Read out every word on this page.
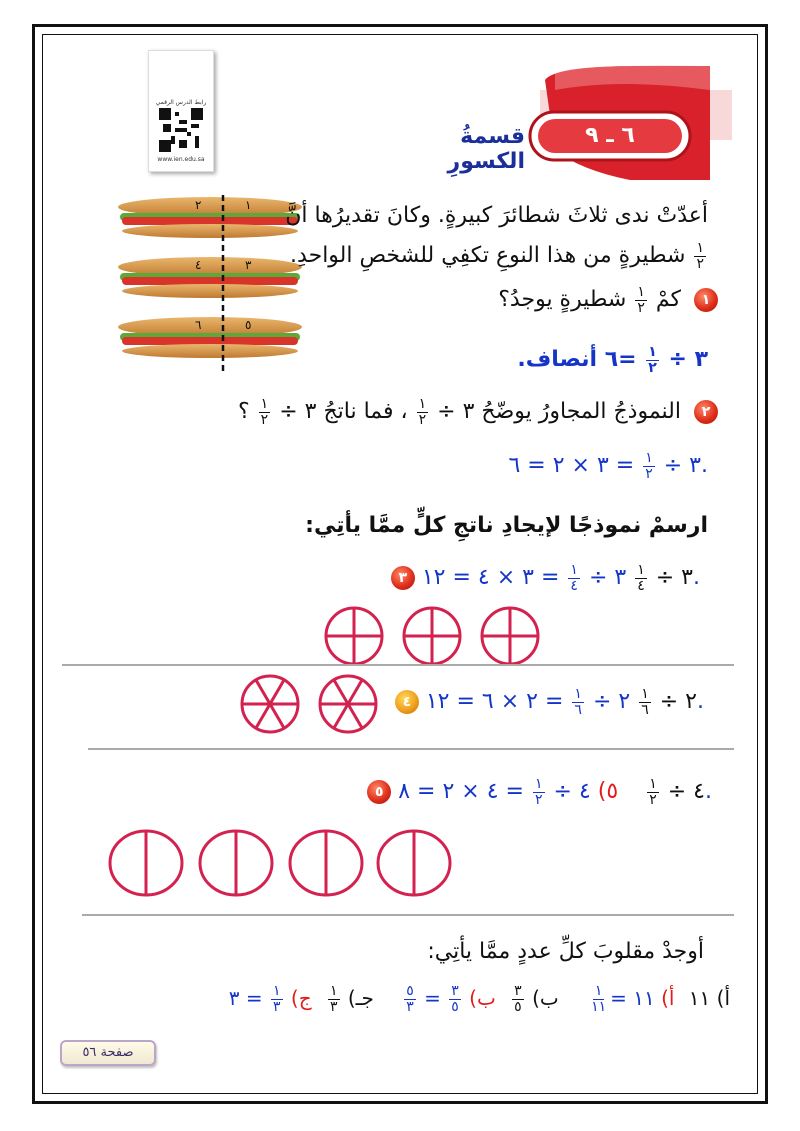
رابط الدرس الرقمي
www.ien.edu.sa
٦ ـ ٩
قسمةُ الكسورِ
٢	١
٤	٣
٦	٥
أعدّتْ ندى ثلاثَ شطائرَ كبيرةٍ. وكانَ تقديرُها أنَّ
$\frac{١}{٢}$
شطيرةٍ من هذا النوعِ تكفِي للشخصِ الواحدِ.
١ كمْ
$\frac{١}{٢}$
شطيرةٍ يوجدُ؟
٣ ÷
$\frac{١}{٢}$
=٦ أنصاف.
٢ النموذجُ المجاورُ يوضّحُ ٣ ÷
$\frac{١}{٢}$
، فما ناتجُ ٣ ÷
$\frac{١}{٢}$
؟
٣ ÷
$\frac{١}{٢}$
= ٣ × ٢ = ٦.
ارسمْ نموذجًا لإيجادِ ناتجِ كلٍّ ممَّا يأتِي:
٣	٣ ÷
$\frac{١}{٤}$
٣ ÷
$\frac{١}{٤}$
= ٣ × ٤ = ١٢.
٤	٢ ÷
$\frac{١}{٦}$
٢ ÷
$\frac{١}{٦}$
= ٢ × ٦ = ١٢.
٥	٤ ÷
$\frac{١}{٢}$
٥) ٤ ÷
$\frac{١}{٢}$
= ٤ × ٢ = ٨.
أوجدْ مقلوبَ كلِّ عددٍ ممَّا يأتِي:
أ) ١١ أ) ١١ =
$\frac{١}{١١}$
ب)
$\frac{٣}{٥}$
ب)
$\frac{٣}{٥}$
=
$\frac{٥}{٣}$
جـ)
$\frac{١}{٣}$
ج)
$\frac{١}{٣}$
= ٣
صفحة ٥٦
